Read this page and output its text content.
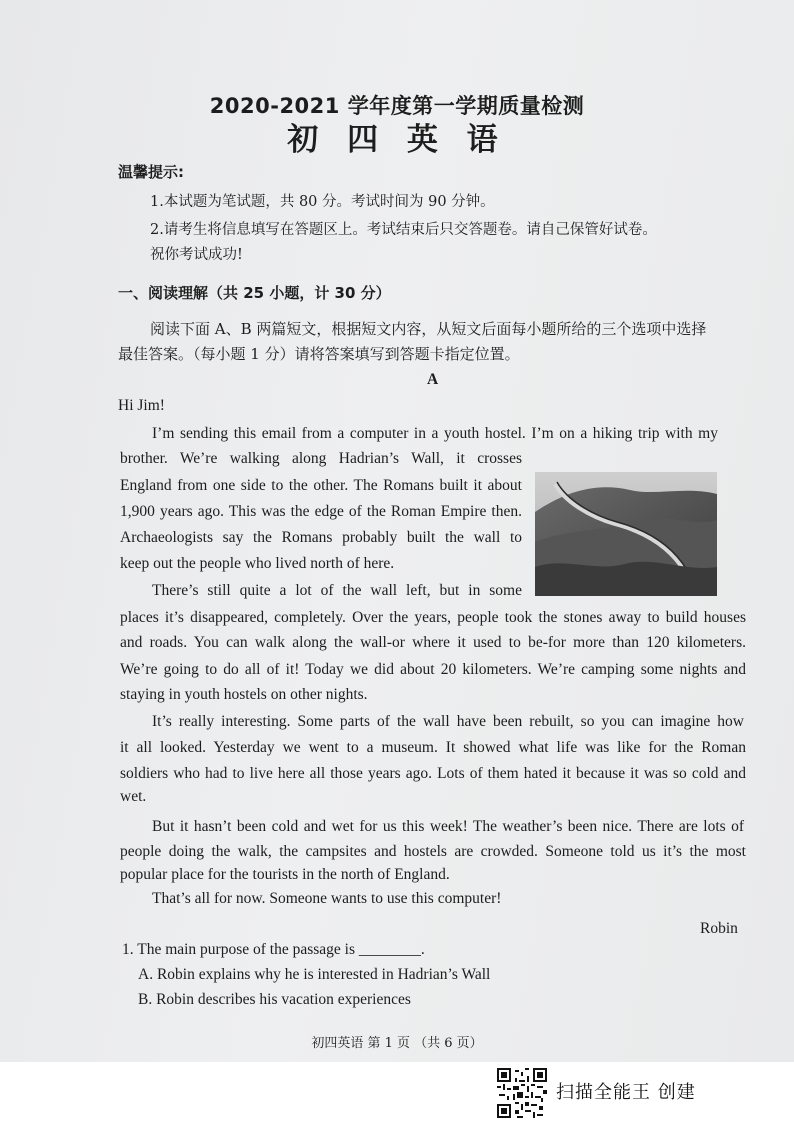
2020-2021 学年度第一学期质量检测
初 四 英 语
温馨提示:
1.本试题为笔试题，共 80 分。考试时间为 90 分钟。
2.请考生将信息填写在答题区上。考试结束后只交答题卷。请自己保管好试卷。
祝你考试成功!
一、阅读理解（共 25 小题，计 30 分）
阅读下面 A、B 两篇短文，根据短文内容，从短文后面每小题所给的三个选项中选择
最佳答案。（每小题 1 分）请将答案填写到答题卡指定位置。
A
Hi Jim!
I’m sending this email from a computer in a youth hostel. I’m on a hiking trip with my
brother. We’re walking along Hadrian’s Wall, it crosses
England from one side to the other. The Romans built it about
1,900 years ago. This was the edge of the Roman Empire then.
Archaeologists say the Romans probably built the wall to
keep out the people who lived north of here.
There’s still quite a lot of the wall left, but in some
places it’s disappeared, completely. Over the years, people took the stones away to build houses
and roads. You can walk along the wall-or where it used to be-for more than 120 kilometers.
We’re going to do all of it! Today we did about 20 kilometers. We’re camping some nights and
staying in youth hostels on other nights.
It’s really interesting. Some parts of the wall have been rebuilt, so you can imagine how
it all looked. Yesterday we went to a museum. It showed what life was like for the Roman
soldiers who had to live here all those years ago. Lots of them hated it because it was so cold and
wet.
But it hasn’t been cold and wet for us this week! The weather’s been nice. There are lots of
people doing the walk, the campsites and hostels are crowded. Someone told us it’s the most
popular place for the tourists in the north of England.
That’s all for now. Someone wants to use this computer!
Robin
1. The main purpose of the passage is ________.
A. Robin explains why he is interested in Hadrian’s Wall
B. Robin describes his vacation experiences
初四英语 第 1 页 （共 6 页）
扫描全能王 创建
